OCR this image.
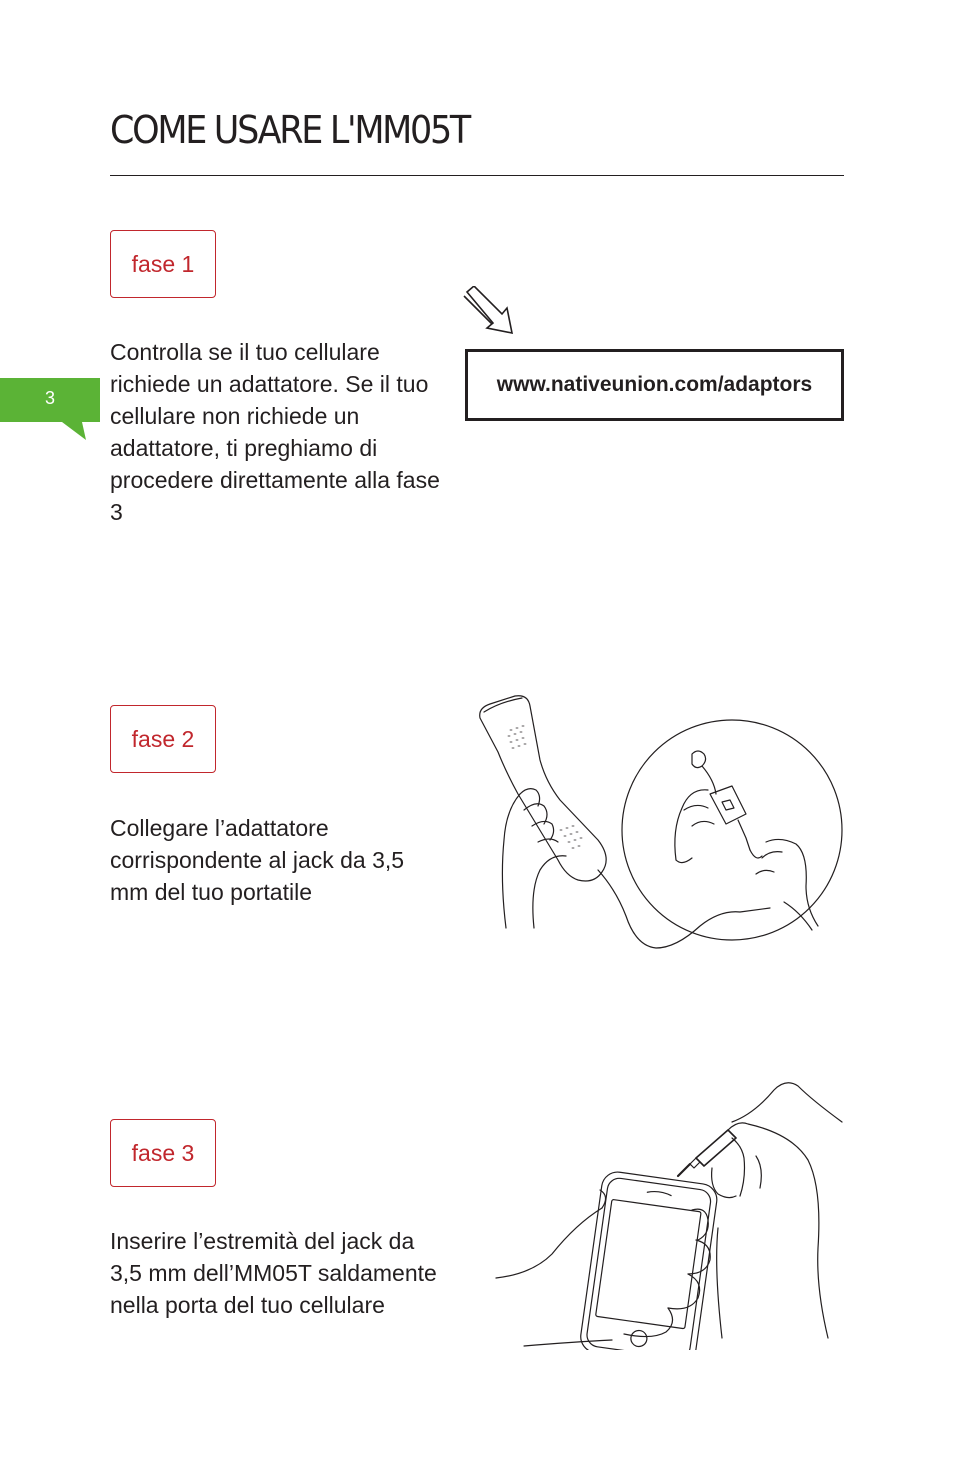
COME USARE L'MM05T
3
fase 1

Controlla se il tuo cellulare richiede un adattatore. Se il tuo cellulare non richiede un adattatore, ti preghiamo di procedere direttamente alla fase 3

www.nativeunion.com/adaptors
fase 2

Collegare l’adattatore corrispondente al jack da 3,5 mm del tuo portatile

fase 3

Inserire l’estremità del jack da 3,5 mm dell’MM05T saldamente nella porta del tuo cellulare
